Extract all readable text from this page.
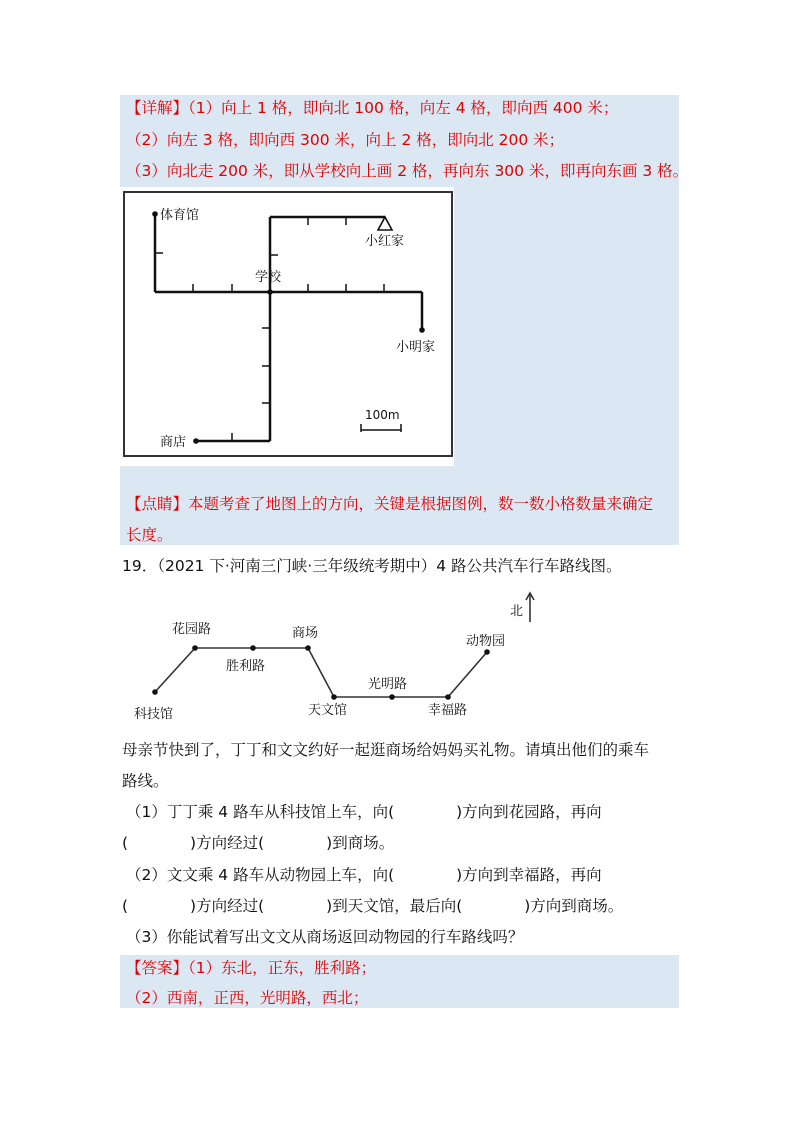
【详解】（1）向上 1 格，即向北 100 格，向左 4 格，即向西 400 米；
（2）向左 3 格，即向西 300 米，向上 2 格，即向北 200 米；
（3）向北走 200 米，即从学校向上画 2 格，再向东 300 米，即再向东画 3 格。
体育馆
小红家
学校
小明家
100m
商店
【点睛】本题考查了地图上的方向，关键是根据图例，数一数小格数量来确定
长度。
19．（2021 下·河南三门峡·三年级统考期中）4 路公共汽车行车路线图。
科技馆
花园路
胜利路
商场
天文馆
光明路
幸福路
动物园
北
母亲节快到了，丁丁和文文约好一起逛商场给妈妈买礼物。请填出他们的乘车
路线。
（1）丁丁乘 4 路车从科技馆上车，向(　　　　)方向到花园路，再向
(　　　　)方向经过(　　　　)到商场。
（2）文文乘 4 路车从动物园上车，向(　　　　)方向到幸福路，再向
(　　　　)方向经过(　　　　)到天文馆，最后向(　　　　)方向到商场。
（3）你能试着写出文文从商场返回动物园的行车路线吗？
【答案】（1）东北，正东，胜利路；
（2）西南，正西，光明路，西北；
